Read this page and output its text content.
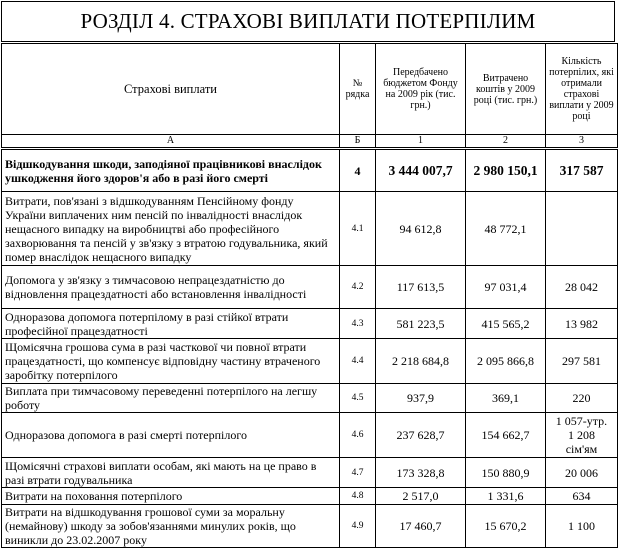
РОЗДІЛ 4. СТРАХОВІ ВИПЛАТИ ПОТЕРПІЛИМ
Страхові виплати	№ рядка	Передбачено бюджетом Фонду на 2009 рік (тис. грн.)	Витрачено коштів у 2009 році (тис. грн.)	Кількість потерпілих, які отримали страхові виплати у 2009 році
А	Б	1	2	3
Відшкодування шкоди, заподіяної працівникові внаслідок ушкодження його здоров'я або в разі його смерті	4	3 444 007,7	2 980 150,1	317 587
Витрати, пов'язані з відшкодуванням Пенсійному фонду України виплачених ним пенсій по інвалідності внаслідок нещасного випадку на виробництві або професійного захворювання та пенсій у зв'язку з втратою годувальника, який помер внаслідок нещасного випадку	4.1	94 612,8	48 772,1	
Допомога у зв'язку з тимчасовою непрацездатністю до відновлення працездатності або встановлення інвалідності	4.2	117 613,5	97 031,4	28 042
Одноразова допомога потерпілому в разі стійкої втрати професійної працездатності	4.3	581 223,5	415 565,2	13 982
Щомісячна грошова сума в разі часткової чи повної втрати працездатності, що компенсує відповідну частину втраченого заробітку потерпілого	4.4	2 218 684,8	2 095 866,8	297 581
Виплата при тимчасовому переведенні потерпілого на легшу роботу	4.5	937,9	369,1	220
Одноразова допомога в разі смерті потерпілого	4.6	237 628,7	154 662,7	1 057-утр.
1 208
сім'ям

Щомісячні страхові виплати особам, які мають на це право в разі втрати годувальника	4.7	173 328,8	150 880,9	20 006
Витрати на поховання потерпілого	4.8	2 517,0	1 331,6	634
Витрати на відшкодування грошової суми за моральну (немайнову) шкоду за зобов'язаннями минулих років, що виникли до 23.02.2007 року	4.9	17 460,7	15 670,2	1 100
